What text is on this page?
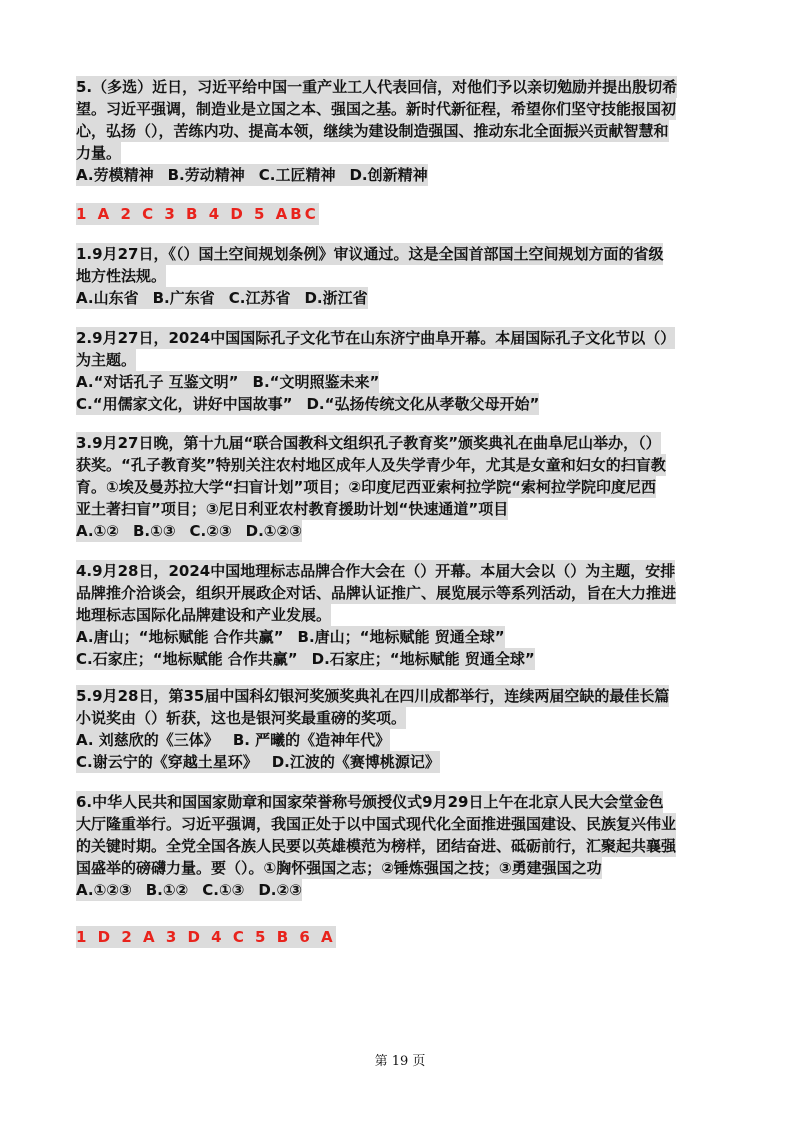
5.（多选）近日，习近平给中国一重产业工人代表回信，对他们予以亲切勉励并提出殷切希
望。习近平强调，制造业是立国之本、强国之基。新时代新征程，希望你们坚守技能报国初
心，弘扬（），苦练内功、提高本领，继续为建设制造强国、推动东北全面振兴贡献智慧和
力量。
A.劳模精神 B.劳动精神 C.工匠精神 D.创新精神
1 A 2 C 3 B 4 D 5 ABC
1.9月27日，《（）国土空间规划条例》审议通过。这是全国首部国土空间规划方面的省级
地方性法规。
A.山东省 B.广东省 C.江苏省 D.浙江省
2.9月27日，2024中国国际孔子文化节在山东济宁曲阜开幕。本届国际孔子文化节以（）
为主题。
A.“对话孔子 互鉴文明” B.“文明照鉴未来”
C.“用儒家文化，讲好中国故事” D.“弘扬传统文化从孝敬父母开始”
3.9月27日晚，第十九届“联合国教科文组织孔子教育奖”颁奖典礼在曲阜尼山举办，（）
获奖。“孔子教育奖”特别关注农村地区成年人及失学青少年，尤其是女童和妇女的扫盲教
育。①埃及曼苏拉大学“扫盲计划”项目；②印度尼西亚索柯拉学院“索柯拉学院印度尼西
亚土著扫盲”项目；③尼日利亚农村教育援助计划“快速通道”项目
A.①② B.①③ C.②③ D.①②③
4.9月28日，2024中国地理标志品牌合作大会在（）开幕。本届大会以（）为主题，安排
品牌推介洽谈会，组织开展政企对话、品牌认证推广、展览展示等系列活动，旨在大力推进
地理标志国际化品牌建设和产业发展。
A.唐山；“地标赋能 合作共赢” B.唐山；“地标赋能 贸通全球”
C.石家庄；“地标赋能 合作共赢” D.石家庄；“地标赋能 贸通全球”
5.9月28日，第35届中国科幻银河奖颁奖典礼在四川成都举行，连续两届空缺的最佳长篇
小说奖由（）斩获，这也是银河奖最重磅的奖项。
A. 刘慈欣的《三体》 B. 严曦的《造神年代》
C.谢云宁的《穿越土星环》 D.江波的《赛博桃源记》
6.中华人民共和国国家勋章和国家荣誉称号颁授仪式9月29日上午在北京人民大会堂金色
大厅隆重举行。习近平强调，我国正处于以中国式现代化全面推进强国建设、民族复兴伟业
的关键时期。全党全国各族人民要以英雄模范为榜样，团结奋进、砥砺前行，汇聚起共襄强
国盛举的磅礴力量。要（）。①胸怀强国之志；②锤炼强国之技；③勇建强国之功
A.①②③ B.①② C.①③ D.②③
1 D 2 A 3 D 4 C 5 B 6 A
第 19 页
